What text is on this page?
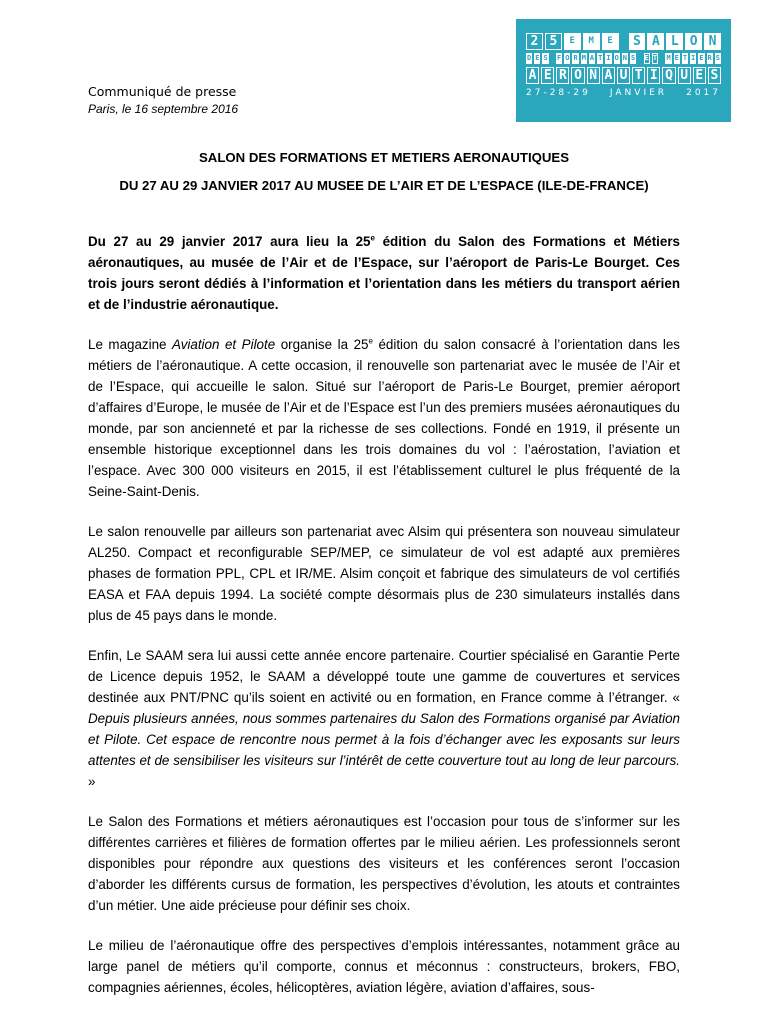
Communiqué de presse
Paris, le 16 septembre 2016
2 5	E	M	E	S A L O N
D E S F O R M A T I O N S E T M E T I E R S
A E R O N A U T I Q U E S
27-28-29 JANVIER 2017
SALON DES FORMATIONS ET METIERS AERONAUTIQUES
DU 27 AU 29 JANVIER 2017 AU MUSEE DE L’AIR ET DE L’ESPACE (ILE-DE-FRANCE)

Du 27 au 29 janvier 2017 aura lieu la 25e édition du Salon des Formations et Métiers aéronautiques, au musée de l’Air et de l’Espace, sur l’aéroport de Paris-Le Bourget. Ces trois jours seront dédiés à l’information et l’orientation dans les métiers du transport aérien et de l’industrie aéronautique.

Le magazine Aviation et Pilote organise la 25e édition du salon consacré à l’orientation dans les métiers de l’aéronautique. A cette occasion, il renouvelle son partenariat avec le musée de l’Air et de l’Espace, qui accueille le salon. Situé sur l’aéroport de Paris-Le Bourget, premier aéroport d’affaires d’Europe, le musée de l’Air et de l’Espace est l’un des premiers musées aéronautiques du monde, par son ancienneté et par la richesse de ses collections. Fondé en 1919, il présente un ensemble historique exceptionnel dans les trois domaines du vol : l’aérostation, l’aviation et l’espace. Avec 300 000 visiteurs en 2015, il est l’établissement culturel le plus fréquenté de la Seine-Saint-Denis.

Le salon renouvelle par ailleurs son partenariat avec Alsim qui présentera son nouveau simulateur AL250. Compact et reconfigurable SEP/MEP, ce simulateur de vol est adapté aux premières phases de formation PPL, CPL et IR/ME. Alsim conçoit et fabrique des simulateurs de vol certifiés EASA et FAA depuis 1994. La société compte désormais plus de 230 simulateurs installés dans plus de 45 pays dans le monde.

Enfin, Le SAAM sera lui aussi cette année encore partenaire. Courtier spécialisé en Garantie Perte de Licence depuis 1952, le SAAM a développé toute une gamme de couvertures et services destinée aux PNT/PNC qu’ils soient en activité ou en formation, en France comme à l’étranger. « Depuis plusieurs années, nous sommes partenaires du Salon des Formations organisé par Aviation et Pilote. Cet espace de rencontre nous permet à la fois d’échanger avec les exposants sur leurs attentes et de sensibiliser les visiteurs sur l’intérêt de cette couverture tout au long de leur parcours. »

Le Salon des Formations et métiers aéronautiques est l’occasion pour tous de s’informer sur les différentes carrières et filières de formation offertes par le milieu aérien. Les professionnels seront disponibles pour répondre aux questions des visiteurs et les conférences seront l’occasion d’aborder les différents cursus de formation, les perspectives d’évolution, les atouts et contraintes d’un métier. Une aide précieuse pour définir ses choix.

Le milieu de l’aéronautique offre des perspectives d’emplois intéressantes, notamment grâce au large panel de métiers qu’il comporte, connus et méconnus : constructeurs, brokers, FBO, compagnies aériennes, écoles, hélicoptères, aviation légère, aviation d’affaires, sous-
